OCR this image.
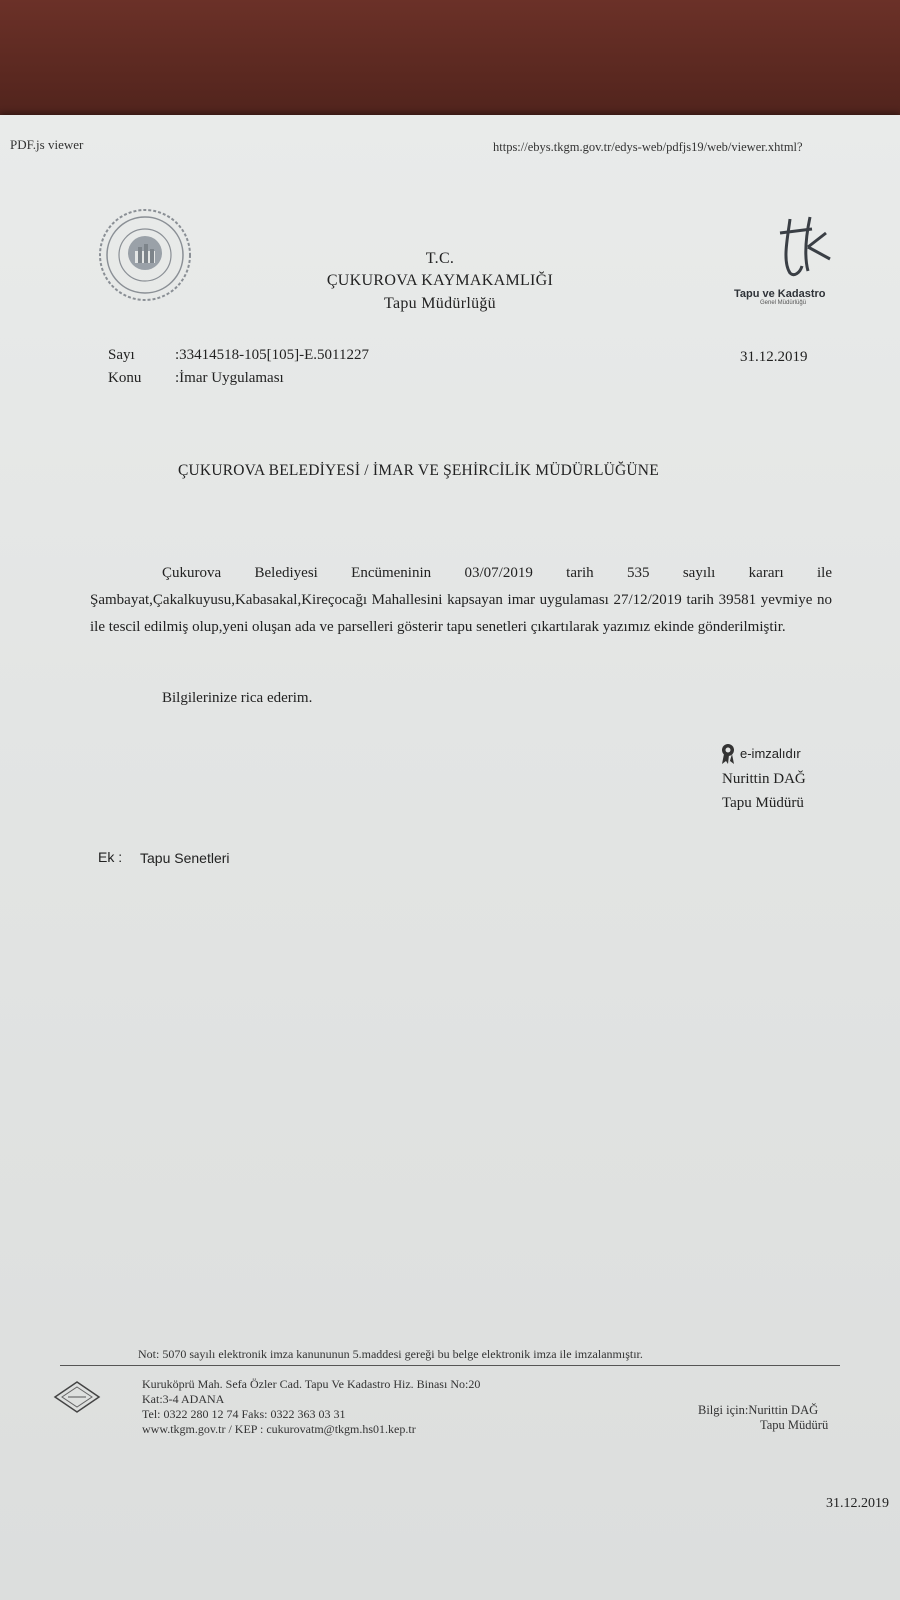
PDF.js viewer	https://ebys.tkgm.gov.tr/edys-web/pdfjs19/web/viewer.xhtml?
Tapu ve Kadastro
Genel Müdürlüğü
T.C.
ÇUKUROVA KAYMAKAMLIĞI
Tapu Müdürlüğü
Sayı	:33414518-105[105]-E.5011227
Konu :İmar Uygulaması
31.12.2019
ÇUKUROVA BELEDİYESİ / İMAR VE ŞEHİRCİLİK MÜDÜRLÜĞÜNE

Çukurova Belediyesi Encümeninin 03/07/2019 tarih 535 sayılı kararı ile Şambayat,Çakalkuyusu,Kabasakal,Kireçocağı Mahallesini kapsayan imar uygulaması 27/12/2019 tarih 39581 yevmiye no ile tescil edilmiş olup,yeni oluşan ada ve parselleri gösterir tapu senetleri çıkartılarak yazımız ekinde gönderilmiştir.

Bilgilerinize rica ederim.

e-imzalıdır
Nurittin DAĞ
Tapu Müdürü
Ek : Tapu Senetleri
Not: 5070 sayılı elektronik imza kanununun 5.maddesi gereği bu belge elektronik imza ile imzalanmıştır.
Kuruköprü Mah. Sefa Özler Cad. Tapu Ve Kadastro Hiz. Binası No:20
Kat:3-4 ADANA
Tel: 0322 280 12 74 Faks: 0322 363 03 31
www.tkgm.gov.tr / KEP : cukurovatm@tkgm.hs01.kep.tr
Bilgi için:Nurittin DAĞ
Tapu Müdürü
31.12.2019
